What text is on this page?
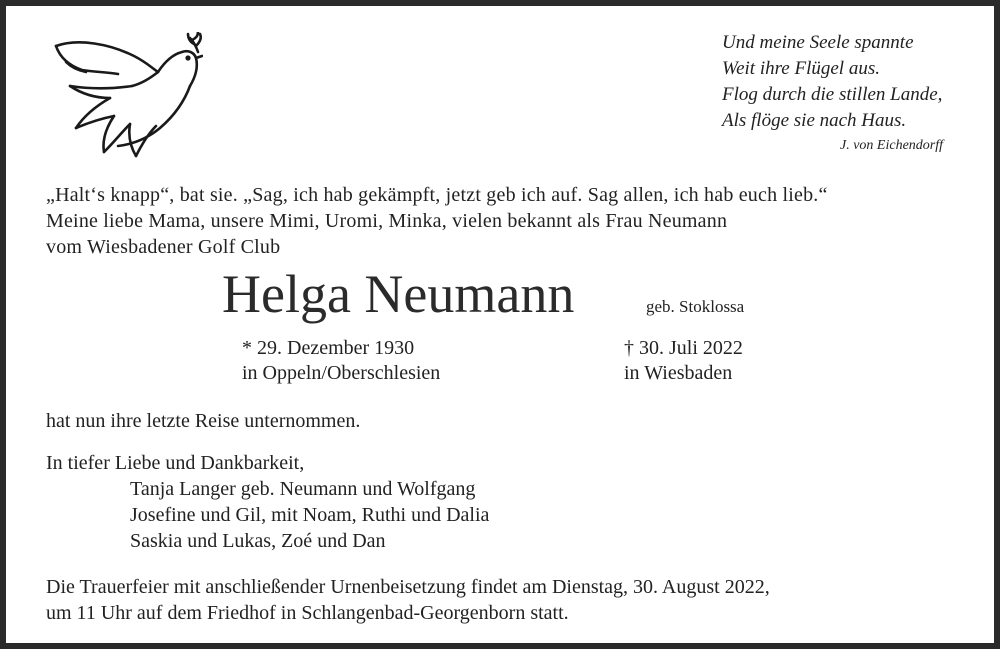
Und meine Seele spannte
Weit ihre Flügel aus.
Flog durch die stillen Lande,
Als flöge sie nach Haus.
J. von Eichendorff
„Halt‘s knapp“, bat sie. „Sag, ich hab gekämpft, jetzt geb ich auf. Sag allen, ich hab euch lieb.“
Meine liebe Mama, unsere Mimi, Uromi, Minka, vielen bekannt als Frau Neumann
vom Wiesbadener Golf Club
Helga Neumann	geb. Stoklossa
* 29. Dezember 1930
in Oppeln/Oberschlesien
† 30. Juli 2022
in Wiesbaden
hat nun ihre letzte Reise unternommen.
In tiefer Liebe und Dankbarkeit,
Tanja Langer geb. Neumann und Wolfgang
Josefine und Gil, mit Noam, Ruthi und Dalia
Saskia und Lukas, Zoé und Dan
Die Trauerfeier mit anschließender Urnenbeisetzung findet am Dienstag, 30. August 2022,
um 11 Uhr auf dem Friedhof in Schlangenbad-Georgenborn statt.
